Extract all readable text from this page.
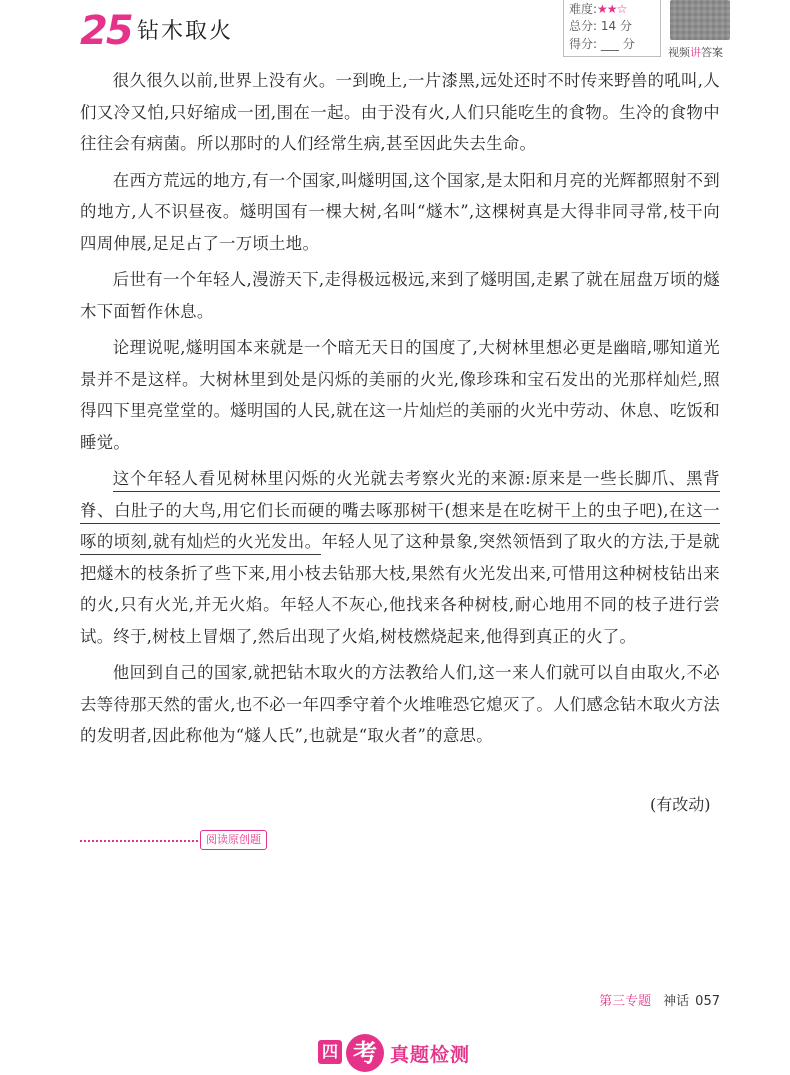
25 钻木取火
难度:★★☆
总分: 14 分
得分: ___ 分
视频讲答案

很久很久以前,世界上没有火。一到晚上,一片漆黑,远处还时不时传来野兽的吼叫,人们又冷又怕,只好缩成一团,围在一起。由于没有火,人们只能吃生的食物。生冷的食物中往往会有病菌。所以那时的人们经常生病,甚至因此失去生命。

在西方荒远的地方,有一个国家,叫燧明国,这个国家,是太阳和月亮的光辉都照射不到的地方,人不识昼夜。燧明国有一棵大树,名叫“燧木”,这棵树真是大得非同寻常,枝干向四周伸展,足足占了一万顷土地。

后世有一个年轻人,漫游天下,走得极远极远,来到了燧明国,走累了就在屈盘万顷的燧木下面暂作休息。

论理说呢,燧明国本来就是一个暗无天日的国度了,大树林里想必更是幽暗,哪知道光景并不是这样。大树林里到处是闪烁的美丽的火光,像珍珠和宝石发出的光那样灿烂,照得四下里亮堂堂的。燧明国的人民,就在这一片灿烂的美丽的火光中劳动、休息、吃饭和睡觉。

这个年轻人看见树林里闪烁的火光就去考察火光的来源:原来是一些长脚爪、黑背脊、白肚子的大鸟,用它们长而硬的嘴去啄那树干(想来是在吃树干上的虫子吧),在这一啄的顷刻,就有灿烂的火光发出。年轻人见了这种景象,突然领悟到了取火的方法,于是就把燧木的枝条折了些下来,用小枝去钻那大枝,果然有火光发出来,可惜用这种树枝钻出来的火,只有火光,并无火焰。年轻人不灰心,他找来各种树枝,耐心地用不同的枝子进行尝试。终于,树枝上冒烟了,然后出现了火焰,树枝燃烧起来,他得到真正的火了。

他回到自己的国家,就把钻木取火的方法教给人们,这一来人们就可以自由取火,不必去等待那天然的雷火,也不必一年四季守着个火堆唯恐它熄灭了。人们感念钻木取火方法的发明者,因此称他为“燧人氏”,也就是“取火者”的意思。

(有改动)
阅读原创题
第三专题 神话 057
四 考 真题检测
